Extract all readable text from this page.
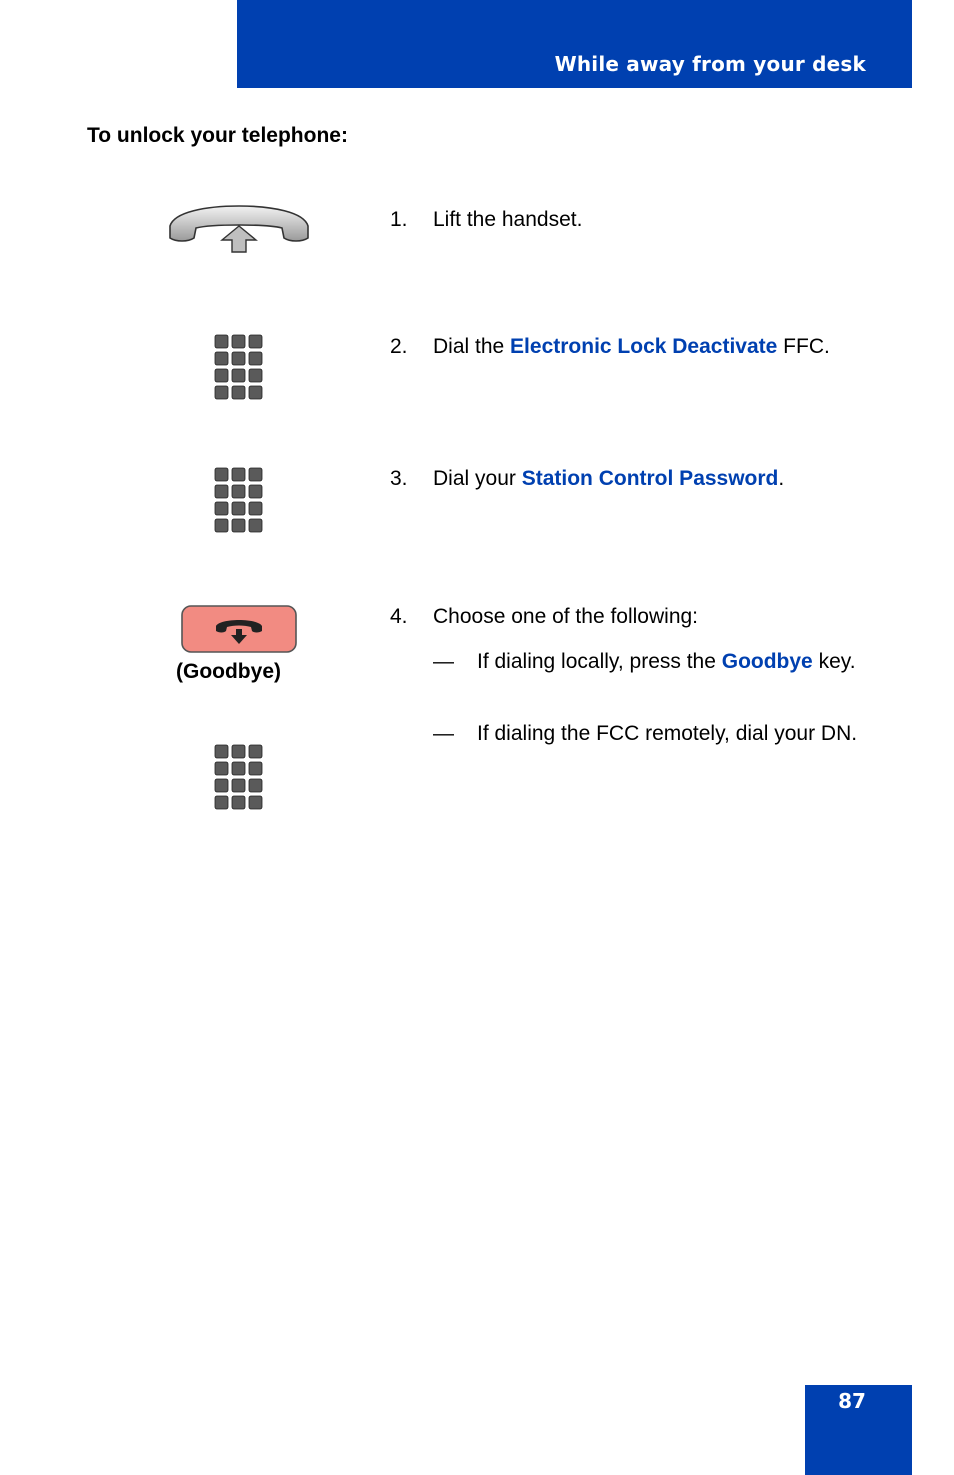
While away from your desk
To unlock your telephone:
(Goodbye)
1. Lift the handset.
2. Dial the Electronic Lock Deactivate FFC.
3. Dial your Station Control Password.
4. Choose one of the following:
— If dialing locally, press the Goodbye key.
— If dialing the FCC remotely, dial your DN.
87
